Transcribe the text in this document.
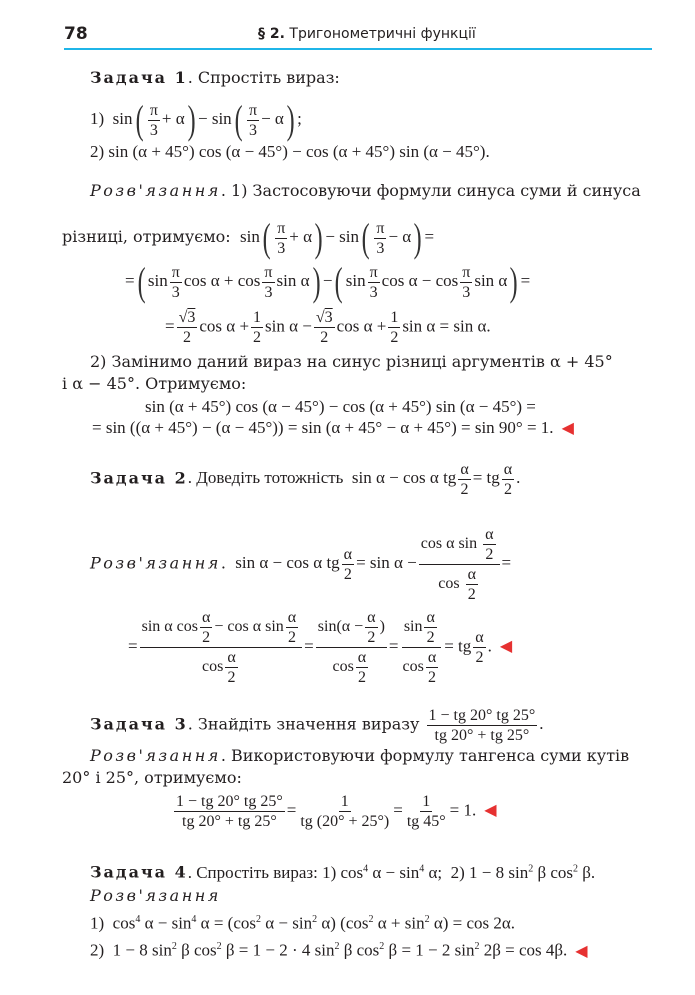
78	§ 2. Тригонометричні функції
Задача 1. Спростіть вираз:
1)  $\sin( \frac{\pi}{3} + \alpha) - \sin( \frac{\pi}{3} - \alpha)$ ;
2) sin (α + 45°) cos (α − 45°) − cos (α + 45°) sin (α − 45°).
Розв'язання. 1) Застосовуючи формули синуса суми й синуса
різниці, отримуємо:  $\sin( \frac{\pi}{3} + \alpha) - \sin( \frac{\pi}{3} - \alpha)$ =
=( $\sin \frac{\pi}{3}$ $\cos \alpha + \cos \frac{\pi}{3}$ sin α) −( $\sin \frac{\pi}{3}$ $\cos \alpha - \cos \frac{\pi}{3}$ sin α) =
= $\frac{√3}{2}$ $\cos \alpha + \frac{1}{2}$ $\sin \alpha - \frac{√3}{2}$ $\cos \alpha + \frac{1}{2}$ sin α = sin α.
2) Замінимо даний вираз на синус різниці аргументів α + 45°
і α − 45°. Отримуємо:
sin (α + 45°) cos (α − 45°) − cos (α + 45°) sin (α − 45°) =
= sin ((α + 45°) − (α − 45°)) = sin (α + 45° − α + 45°) = sin 90° = 1. ◀
Задача 2. Доведіть тотожність  sin α − cos α tg $\frac{\alpha}{2}$ = tg $\frac{\alpha}{2}$ .
Розв'язання.  sin α − cos α tg $\frac{\alpha}{2} = \sin \alpha - \frac{\cos \alpha \sin \frac{\alpha}{2}}{\cos \frac{\alpha}{2}}$ =
= $\frac{\sin \alpha \cos \frac{\alpha}{2} - \cos \alpha \sin \frac{\alpha}{2}}{\cos \frac{\alpha}{2}} = \frac{\sin(\alpha - \frac{\alpha}{2} )}{\cos \frac{\alpha}{2}} = \frac{\sin \frac{\alpha}{2}}{\cos \frac{\alpha}{2}}$ = tg $\frac{\alpha}{2}$ . ◀
Задача 3. Знайдіть значення виразу $\frac{1 - tg 20^\circ tg 25^\circ}{tg 20^\circ + tg 25^\circ}$ .
Розв'язання. Використовуючи формулу тангенса суми кутів
20° і 25°, отримуємо:
$\frac{1 - tg 20^\circ tg 25^\circ}{tg 20^\circ + tg 25^\circ} = \frac{1}{tg (20^\circ + 25^\circ)} = \frac{1}{tg 45^\circ} = 1$. ◀
Задача 4. Спростіть вираз: 1) $\cos^4 \alpha - \sin^4 \alpha$;  2) 1 − 8 $\sin^2 \beta$ $\cos^2 \beta$.
Розв'язання
1)  $\cos^4 \alpha - \sin^4 \alpha = (\cos^2$ $\alpha - \sin^2 \alpha$) ($\cos^2$ $\alpha + \sin^2 \alpha) = \cos 2\alpha$.
2)  1 − 8 $\sin^2 \beta$ $\cos^2 \beta = 1 - 2 \cdot 4$ $\sin^2 \beta$ $\cos^2 \beta = 1 - 2$ $\sin^2 2\beta = \cos 4\beta$. ◀
